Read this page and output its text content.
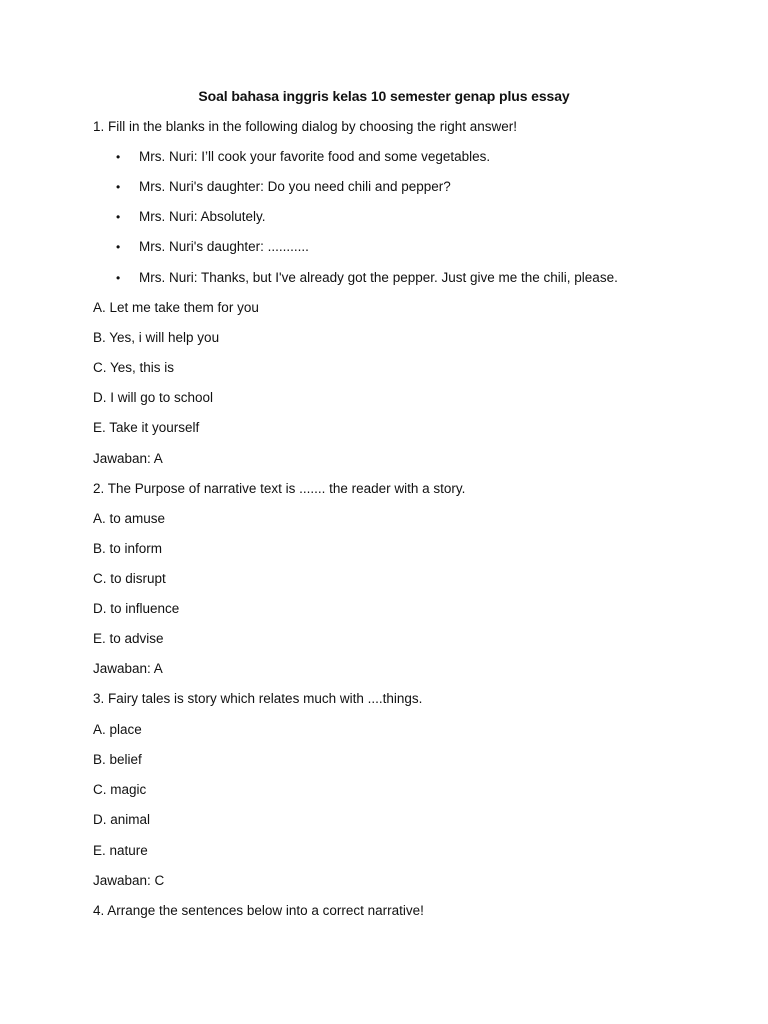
Soal bahasa inggris kelas 10 semester genap plus essay
1. Fill in the blanks in the following dialog by choosing the right answer!
• Mrs. Nuri: I’ll cook your favorite food and some vegetables.
• Mrs. Nuri's daughter: Do you need chili and pepper?
• Mrs. Nuri: Absolutely.
• Mrs. Nuri's daughter: ...........
• Mrs. Nuri: Thanks, but I've already got the pepper. Just give me the chili, please.
A. Let me take them for you
B. Yes, i will help you
C. Yes, this is
D. I will go to school
E. Take it yourself
Jawaban: A
2. The Purpose of narrative text is ....... the reader with a story.
A. to amuse
B. to inform
C. to disrupt
D. to influence
E. to advise
Jawaban: A
3. Fairy tales is story which relates much with ....things.
A. place
B. belief
C. magic
D. animal
E. nature
Jawaban: C
4. Arrange the sentences below into a correct narrative!
